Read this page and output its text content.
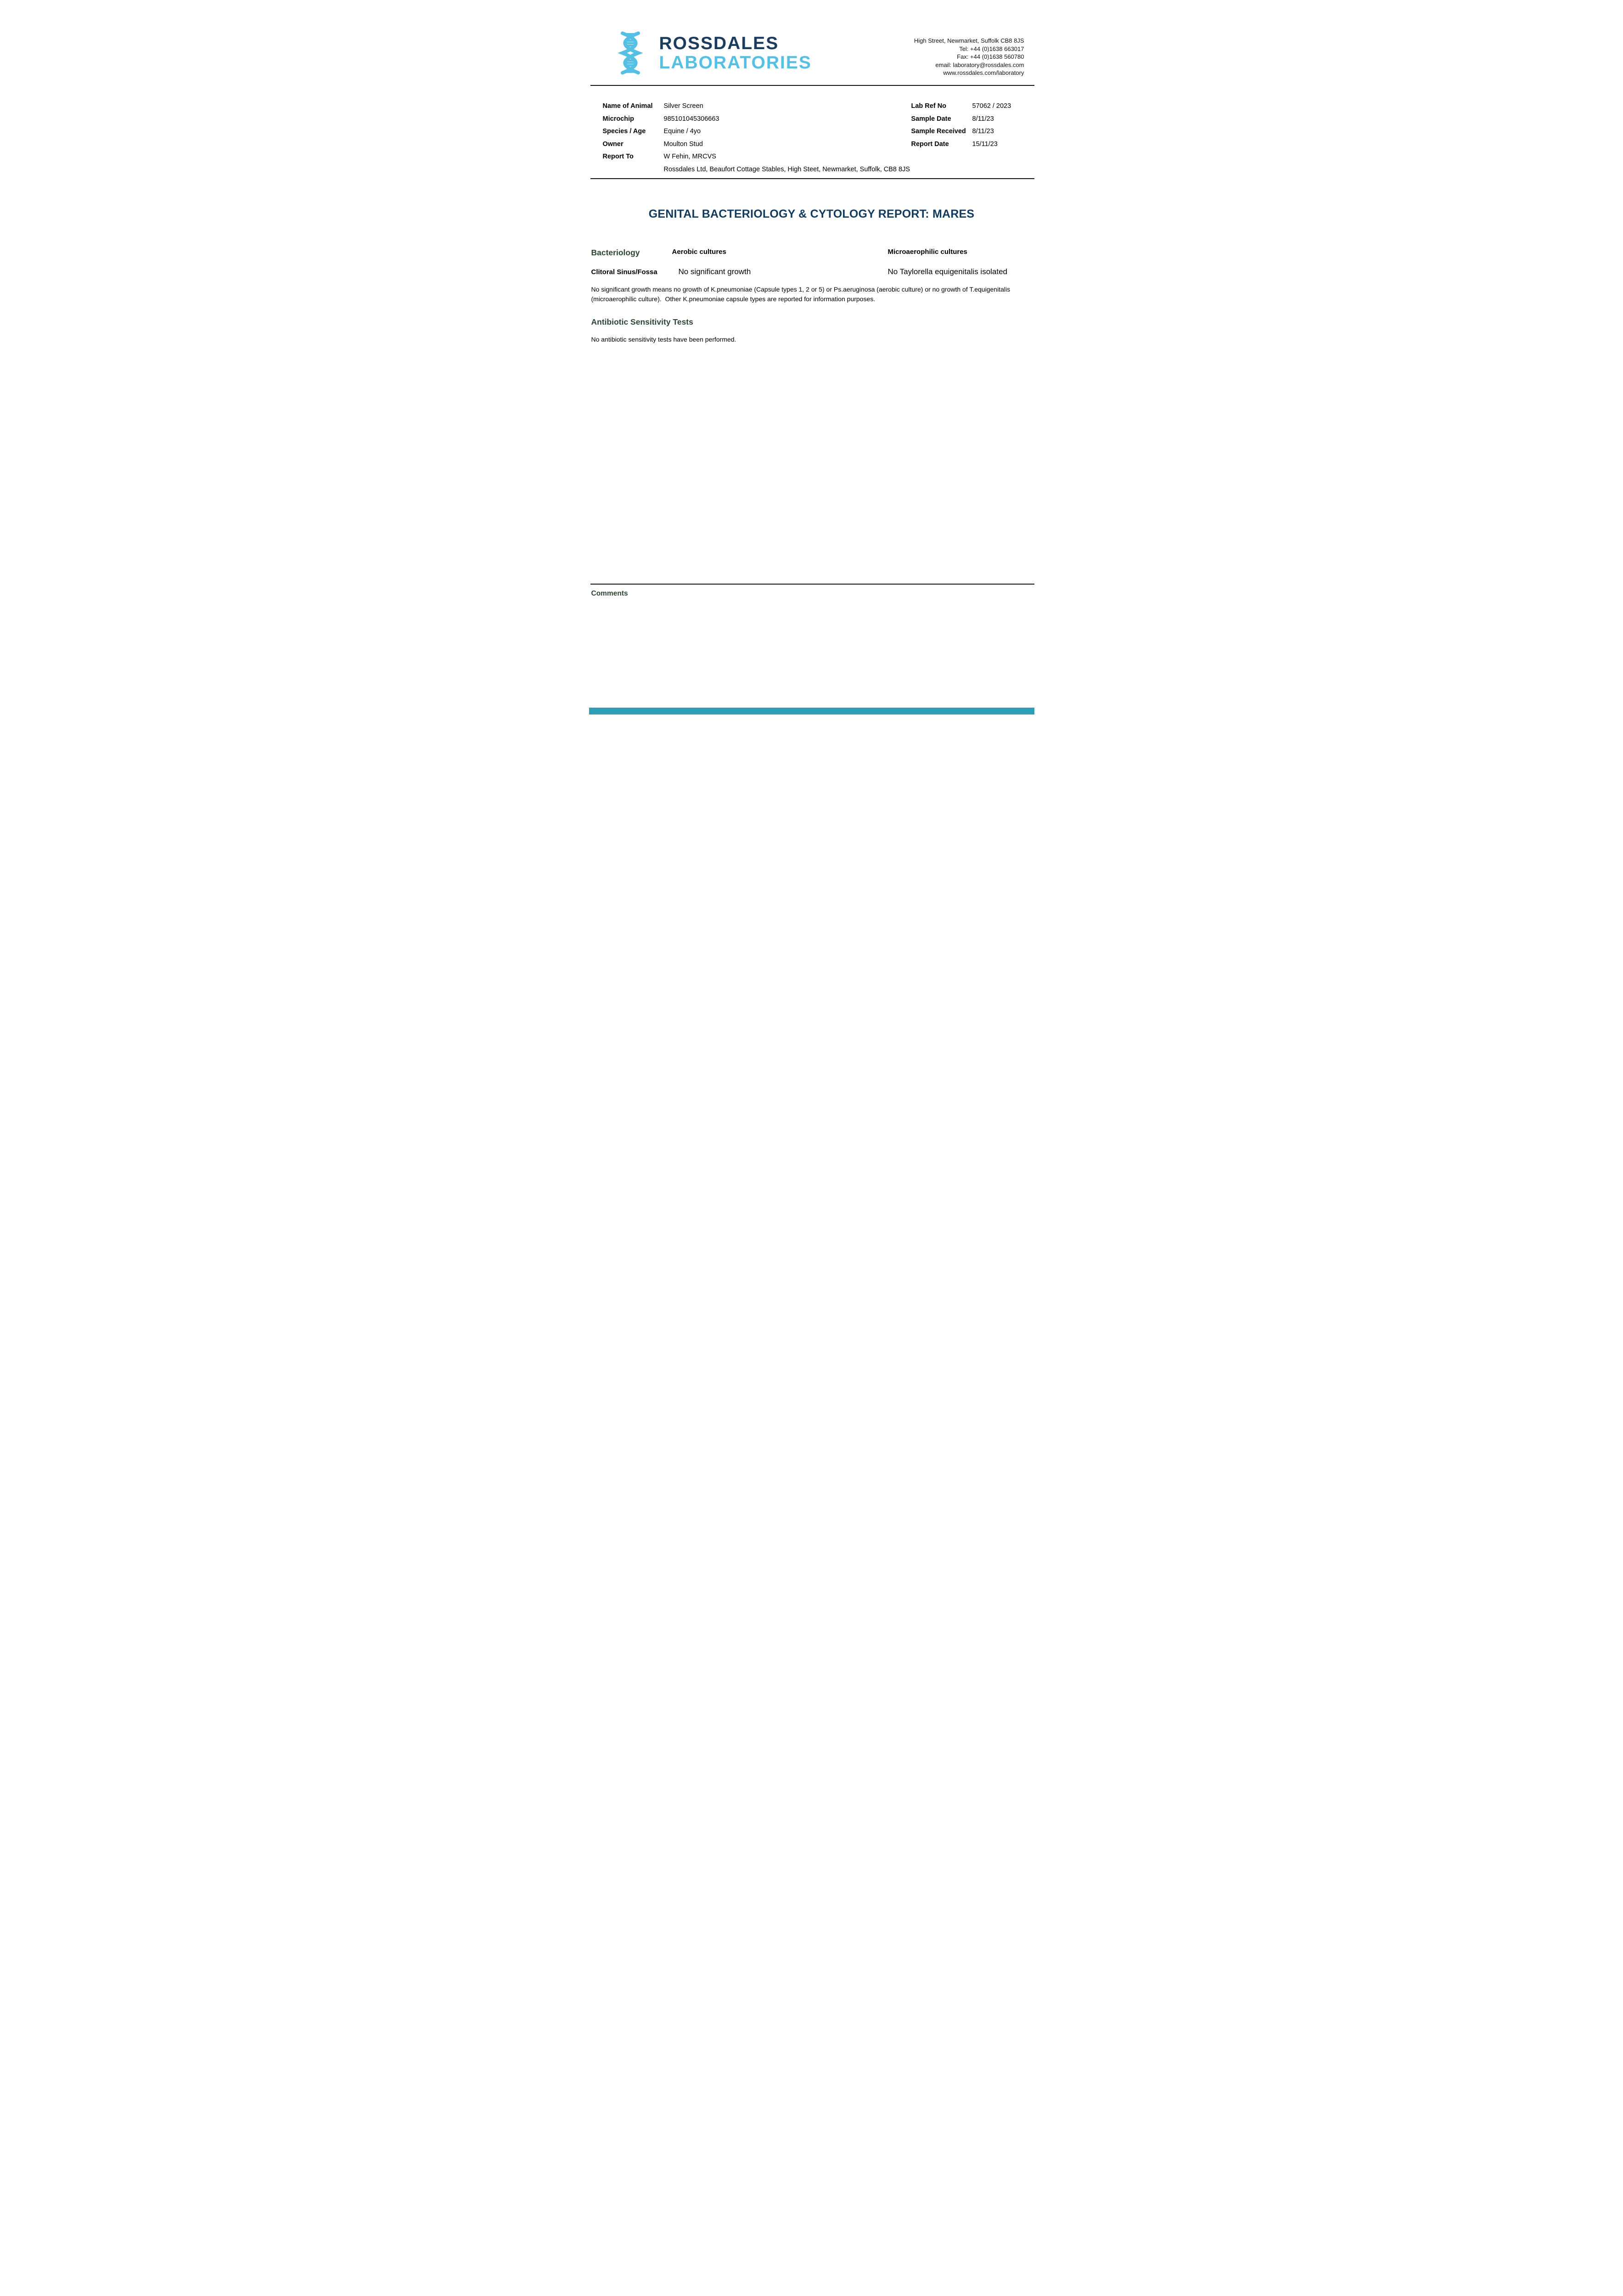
ROSSDALES
LABORATORIES
High Street, Newmarket, Suffolk CB8 8JS
Tel: +44 (0)1638 663017
Fax: +44 (0)1638 560780
email: laboratory@rossdales.com
www.rossdales.com/laboratory
Name of Animal	Silver Screen
Microchip	985101045306663
Species / Age	Equine / 4yo
Owner	Moulton Stud
Report To	W Fehin, MRCVS
Rossdales Ltd, Beaufort Cottage Stables, High Steet, Newmarket, Suffolk, CB8 8JS
Lab Ref No	57062 / 2023
Sample Date	8/11/23
Sample Received 8/11/23
Report Date	15/11/23
GENITAL BACTERIOLOGY & CYTOLOGY REPORT: MARES
Bacteriology	Aerobic cultures	Microaerophilic cultures
Clitoral Sinus/Fossa	No significant growth	No Taylorella equigenitalis isolated
No significant growth means no growth of K.pneumoniae (Capsule types 1, 2 or 5) or Ps.aeruginosa (aerobic culture) or no growth of T.equigenitalis (microaerophilic culture).  Other K.pneumoniae capsule types are reported for information purposes.
Antibiotic Sensitivity Tests
No antibiotic sensitivity tests have been performed.
Comments
